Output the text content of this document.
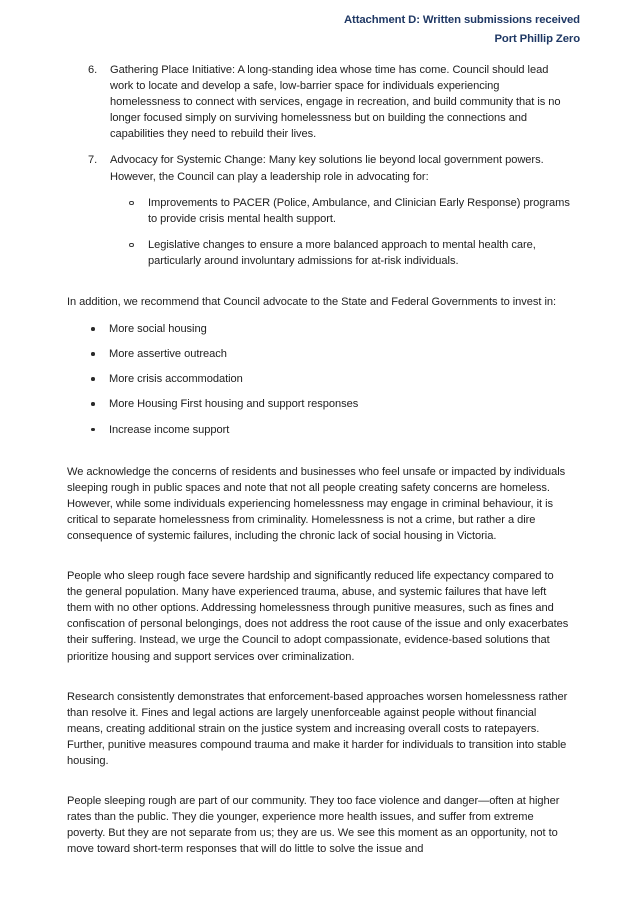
Attachment D: Written submissions received
Port Phillip Zero
6.	Gathering Place Initiative: A long-standing idea whose time has come. Council should lead work to locate and develop a safe, low-barrier space for individuals experiencing homelessness to connect with services, engage in recreation, and build community that is no longer focused simply on surviving homelessness but on building the connections and capabilities they need to rebuild their lives.
7.	Advocacy for Systemic Change: Many key solutions lie beyond local government powers. However, the Council can play a leadership role in advocating for:
Improvements to PACER (Police, Ambulance, and Clinician Early Response) programs to provide crisis mental health support.
Legislative changes to ensure a more balanced approach to mental health care, particularly around involuntary admissions for at-risk individuals.

In addition, we recommend that Council advocate to the State and Federal Governments to invest in:

More social housing
More assertive outreach
More crisis accommodation
More Housing First housing and support responses
Increase income support

We acknowledge the concerns of residents and businesses who feel unsafe or impacted by individuals sleeping rough in public spaces and note that not all people creating safety concerns are homeless. However, while some individuals experiencing homelessness may engage in criminal behaviour, it is critical to separate homelessness from criminality. Homelessness is not a crime, but rather a dire consequence of systemic failures, including the chronic lack of social housing in Victoria.

People who sleep rough face severe hardship and significantly reduced life expectancy compared to the general population. Many have experienced trauma, abuse, and systemic failures that have left them with no other options. Addressing homelessness through punitive measures, such as fines and confiscation of personal belongings, does not address the root cause of the issue and only exacerbates their suffering. Instead, we urge the Council to adopt compassionate, evidence-based solutions that prioritize housing and support services over criminalization.

Research consistently demonstrates that enforcement-based approaches worsen homelessness rather than resolve it. Fines and legal actions are largely unenforceable against people without financial means, creating additional strain on the justice system and increasing overall costs to ratepayers. Further, punitive measures compound trauma and make it harder for individuals to transition into stable housing.

People sleeping rough are part of our community. They too face violence and danger—often at higher rates than the public. They die younger, experience more health issues, and suffer from extreme poverty. But they are not separate from us; they are us. We see this moment as an opportunity, not to move toward short-term responses that will do little to solve the issue and
